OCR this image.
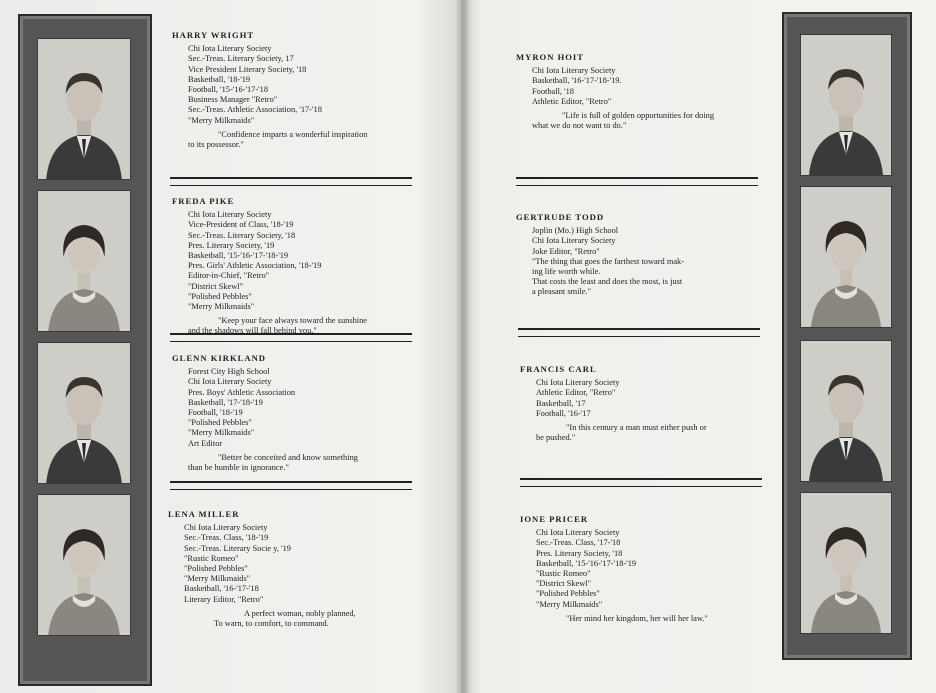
HARRY WRIGHT
Chi Iota Literary Society
Sec.-Treas. Literary Society, 17
Vice President Literary Society, '18
Basketball, '18-'19
Football, '15-'16-'17-'18
Business Manager "Retro"
Sec.-Treas. Athletic Association, '17-'18
"Merry Milkmaids"
"Confidence imparts a wonderful inspiration
to its possessor."
FREDA PIKE
Chi Iota Literary Society
Vice-President of Class, '18-'19
Sec.-Treas. Literary Society, '18
Pres. Literary Society, '19
Basketball, '15-'16-'17-'18-'19
Pres. Girls' Athletic Association, '18-'19
Editor-in-Chief, "Retro"
"District Skewl"
"Polished Pebbles"
"Merry Milkmaids"
"Keep your face always toward the sunshine
and the shadows will fall behind you."
GLENN KIRKLAND
Forest City High School
Chi Iota Literary Society
Pres. Boys' Athletic Association
Basketball, '17-'18-'19
Football, '18-'19
"Polished Pebbles"
"Merry Milkmaids"
Art Editor
"Better be conceited and know something
than be humble in ignorance."
LENA MILLER
Chi Iota Literary Society
Sec.-Treas. Class, '18-'19
Sec.-Treas. Literary Socie y, '19
"Rustic Romeo"
"Polished Pebbles"
"Merry Milkmaids"
Basketball, '16-'17-'18
Literary Editor, "Retro"
A perfect woman, nobly planned,
To warn, to comfort, to command.
MYRON HOIT
Chi Iota Literary Society
Basketball, '16-'17-'18-'19.
Football, '18
Athletic Editor, "Retro"
"Life is full of golden opportunities for doing
what we do not want to do."
GERTRUDE TODD
Joplin (Mo.) High School
Chi Iota Literary Society
Joke Editor, "Retro"
"The thing that goes the farthest toward mak-
ing life worth while.
That costs the least and does the most, is just
a pleasant smile."
FRANCIS CARL
Chi Iota Literary Society
Athletic Editor, "Retro"
Basketball, '17
Football, '16-'17
"In this century a man must either push or
be pushed."
IONE PRICER
Chi Iota Literary Society
Sec.-Treas. Class, '17-'18
Pres. Literary Society, '18
Basketball, '15-'16-'17-'18-'19
"Rustic Romeo"
"District Skewl"
"Polished Pebbles"
"Merry Milkmaids"
"Her mind her kingdom, her will her law."
